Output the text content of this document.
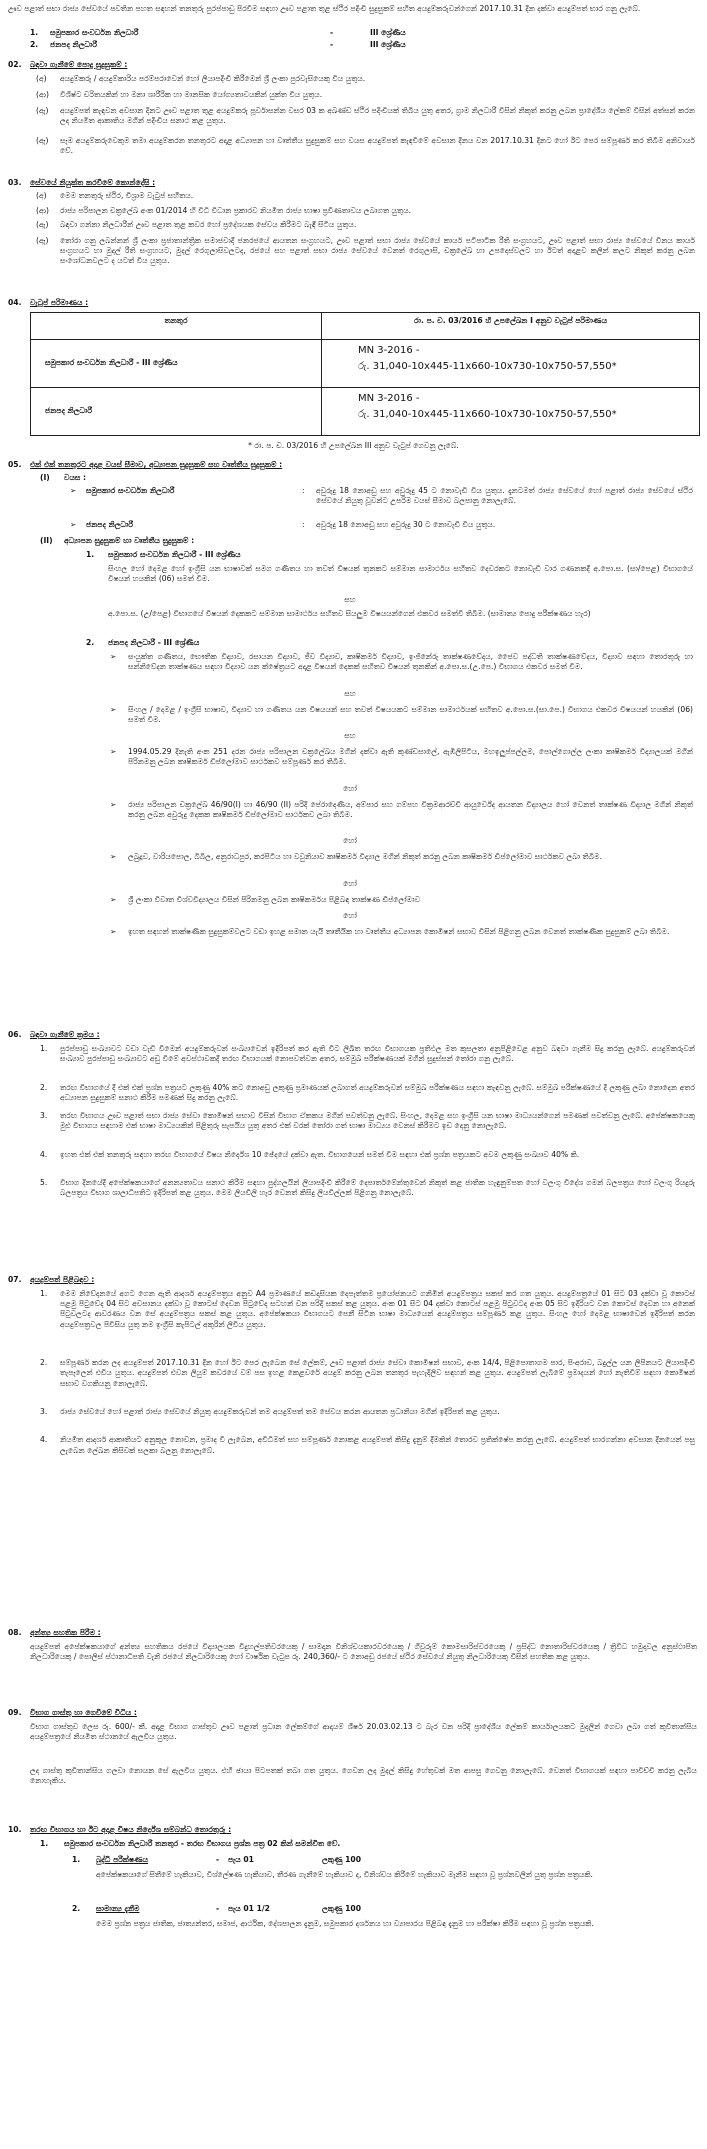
ඌව පළාත් සභා රාජ්‍ය සේවයේ පවතින පහත සඳහන් තනතුරු පුරප්පාඩු පිරවීම සඳහා ඌව පළාත තුළ ස්ථිර පදිංචි සුදුසුකම් සහිත අයදුම්කරුවන්ගෙන් 2017.10.31 දින දක්වා අයදුම්පත් භාර ගනු ලැබේ.
1. සමුපකාර සංවර්ධන නිලධාරී	-	III ශ්‍රේණිය
2. ජනපද නිලධාරී	-	III ශ්‍රේණිය
02. බඳවා ගැනීමේ පොදු සුදුසුකම් :
(අ) අයදුම්කරු / අයදුම්කාරිය පරම්පරාවෙන් හෝ ලියාපදිංචි කිරීමෙන් ශ්‍රී ලංකා පුරවැසියෙකු විය යුතුය.
(ආ) විශිෂ්ට චරිතයකින් හා මනා ශාරීරික හා මානසික යෝග්‍යතාවයකින් යුක්ත විය යුතුය.
(ඇ) අයදුම්පත් කැඳවන අවසාන දිනට ඌව පළාත තුළ අයදුම්කරු පූර්වාසන්න වසර 03 ක අඛණ්ඩ ස්ථිර පදිංචියක් තිබිය යුතු අතර, ග්‍රාම නිලධාරී විසින් නිකුත් කරනු ලබන ප්‍රාදේශීය ලේකම් විසින් අත්සන් කරන ලද නියමිත ආකෘතිය මගින් පදිංචිය සනාථ කළ යුතුය.
(ඈ) සෑම අයදුම්කරුවෙකුම තමා අයදුම්කරන තනතුරට අදාළ අධ්‍යාපන හා වෘත්තීය සුදුසුකම් සහ වයස අයදුම්පත් කැඳවීමේ අවසාන දිනය වන 2017.10.31 දිනට හෝ ඊට පෙර සම්පූර්ණ කර තිබීම අනිවාර්ය වේ.
03. සේවයේ නියුක්ත කරවීමේ කොන්දේසි :
(අ) මෙම තනතුරු ස්ථිර, විශ්‍රාම වැටුප් සහිතය.
(ආ) රාජ්‍ය පරිපාලන චක්‍රලේඛ අංක 01/2014 හි විධි විධාන ප්‍රකාරව නියමිත රාජ්‍ය භාෂා ප්‍රවීණතාවය ලබාගත යුතුය.
(ඇ) බඳවා ගන්නා නිලධාරීන් ඌව පළාත තුළ කවර හෝ ප්‍රදේශයක සේවය කිරීමට බැඳී සිටිය යුතුය.
(ඈ) තෝරා ගනු ලබන්නන් ශ්‍රී ලංකා ප්‍රජාතාන්ත්‍රික සමාජවාදී ජනරජයේ ආයතන සංග්‍රහයට, ඌව පළාත් සභා රාජ්‍ය සේවයේ කාර්ය පටිපාටික රීති සංග්‍රහයට, ඌව පළාත් සභා රාජ්‍ය සේවයේ විනය කාර්ය සංග්‍රහයට හා මුදල් රීති සංග්‍රහයට, මුදල් රෙගුලාසිවලටද, රජයේ සහ පළාත් සභා රාජ්‍ය සේවයේ වෙනත් රෙගුලාසි, චක්‍රලේඛ හා උපදෙස්වලට හා ඊටත් අදාළව කලින් කලට නිකුත් කරනු ලබන සංශෝධනවලට ද යටත් විය යුතුය.
04. වැටුප් පරිමාණය :
තනතුර	රා. ප. ච. 03/2016 හි උපලේඛන I අනුව වැටුප් පරිමාණය
සමුපකාර සංවර්ධන නිලධාරී - III ශ්‍රේණිය	MN 3-2016 -
රු. 31,040-10x445-11x660-10x730-10x750-57,550*

ජනපද නිලධාරී	MN 3-2016 -
රු. 31,040-10x445-11x660-10x730-10x750-57,550*
* රා. ප. ච. 03/2016 හි උපලේඛන III අනුව වැටුප් ගෙවනු ලැබේ.
05. එක් එක් තනතුරට අදාළ වයස් සීමාව, අධ්‍යාපන සුදුසුකම් සහ වෘත්තීය සුදුසුකම් :
(I) වයස :
➢ සමුපකාර සංවර්ධන නිලධාරී	: අවුරුදු 18 නොඅඩු සහ අවුරුදු 45 ට නොවැඩි විය යුතුය. දැනටමත් රාජ්‍ය සේවයේ හෝ පළාත් රාජ්‍ය සේවයේ ස්ථිර සේවයේ නියුතු වූවන්ට උපරිම වයස් සීමාව බලපානු නොලැබේ.
➢ ජනපද නිලධාරී	: අවුරුදු 18 නොඅඩු සහ අවුරුදු 30 ට නොවැඩි විය යුතුය.
(II) අධ්‍යාපන සුදුසුකම් හා වෘත්තීය සුදුසුකම් :
1. සමුපකාර සංවර්ධන නිලධාරී - III ශ්‍රේණිය
සිංහල හෝ දෙමළ හෝ ඉංග්‍රීසි යන භාෂාවක් සමග ගණිතය හා තවත් විෂයක් තුනකට සම්මාන සාමාර්ථය සහිතව දෙවරකට නොවැඩි වාර ගණනකදී අ.පො.ස. (සා/පෙළ) විභාගයේ විෂයන් හයකින් (06) සමත් වීම.
සහ
අ.පො.ස. (උ/පෙළ) විභාගයේ විෂයන් දෙකකට සම්මාන සාමාර්ථය සහිතව සියලුම විෂයයන්ගෙන් එකවර සමත්වී තිබීම. (සාමාන්‍ය පොදු පරීක්ෂණය හැර)
2. ජනපද නිලධාරී - III ශ්‍රේණිය
➢ සංයුක්ත ගණිතය, භෞතික විද්‍යාව, රසායන විද්‍යාව, ජීව විද්‍යාව, කෘෂිකර්ම විද්‍යාව, ඉංජිනේරු තාක්ෂණවේදය, ජෛව පද්ධති තාක්ෂණවේදය, විද්‍යාව සඳහා තොරතුරු හා සන්නිවේදන තාක්ෂණය සඳහා විද්‍යාව යන ක්ෂේත්‍රයට අදාළ විෂයන් දෙකක් සහිතව විෂයන් තුනකින් අ.පො.ස.(උ.පෙ.) විභාගය එකවර සමත් වීම.
සහ
➢ සිංහල / දෙමළ / ඉංග්‍රීසි භාෂාව, විද්‍යාව හා ගණිතය යන විෂයයන් සහ තවත් විෂයයකට සම්මාන සාමාර්ථයක් සහිතව අ.පො.ස.(සා.පෙ.) විභාගය එකවර විෂයයන් හයකින් (06) සමත් වීම.
සහ
➢ 1994.05.29 දිනැති අංක 251 දරන රාජ්‍ය පරිපාලන චක්‍රලේඛය මගින් දක්වා ඇති කුණ්ඩසාලේ, ඇඹිලිපිටිය, මහඉලුප්පල්ලම, පොල්ගොල්ල ලංකා කෘෂිකර්ම විද්‍යාලයක් මගින් පිරිනමනු ලබන කෘෂිකර්ම ඩිප්ලෝමාව සාර්ථකව සම්පූර්ණ කර තිබීම.
හෝ
➢ රාජ්‍ය පරිපාලන චක්‍රලේඛ 46/90(I) හා 46/90 (II) පරිදි පේරාදෙණිය, අම්පාර සහ ගම්පහ වික්‍රමආරච්චි ආයුර්වේද ආයතන විද්‍යාලය හෝ වෙනත් තාක්ෂණ විද්‍යාල මගින් නිකුත් කරනු ලබන අවුරුදු දෙකක කෘෂිකර්ම ඩිප්ලෝමාව සාර්ථකව ලබා තිබීම.
හෝ
➢ ලබුදූව, වාරියපොල, බිබිල, අනුරාධපුර, කරපිටිය හා වවුනියාව කෘෂිකර්ම විද්‍යාල මගින් නිකුත් කරනු ලබන කෘෂිකර්ම ඩිප්ලෝමාව සාර්ථකව ලබා තිබීම.
හෝ
➢ ශ්‍රී ලංකා විවෘත විශ්වවිද්‍යාලය විසින් පිරිනමනු ලබන කෘෂිකර්මය පිළිබඳ තාක්ෂණ ඩිප්ලෝමාව
හෝ
➢ ඉහත සඳහන් තාක්ෂණික සුදුසුකම්වලට වඩා ඉහළ සමාන යැයි තෘතීයික හා වෘත්තීය අධ්‍යාපන කොමිෂන් සභාව විසින් පිළිගනු ලබන වෙනත් තාක්ෂණික සුදුසුකම් ලබා තිබීම.
06. බඳවා ගැනීමේ ක්‍රමය :
1. පුරප්පාඩු සංඛ්‍යාවට වඩා වැඩි වීමෙන් අයදුම්කරුවන් සංඛ්‍යාවෙන් ඉදිරිපත් කර ඇති විට ලිඛිත තරඟ විභාගයක ප්‍රතිඵල මත කුසලතා අනුපිළිවෙළ අනුව බඳවා ගැනීම සිදු කරනු ලැබේ. අයදුම්කරුවන් සංඛ්‍යාව පුරප්පාඩු සංඛ්‍යාවට අඩු වීමේ අවස්ථාවකදී තරඟ විභාගයක් නොපවත්වන අතර, සම්මුඛ පරීක්ෂණයක් මගින් සුදුස්සන් තෝරා ගනු ලැබේ.
2. තරඟ විභාගයේ දී එක් එක් ප්‍රශ්න පත්‍රයට ලකුණු 40% කට නොඅඩු ලකුණු ප්‍රමාණයක් ලබාගත් අයදුම්කරුවන් සම්මුඛ පරීක්ෂණය සඳහා කැඳවනු ලැබේ. සම්මුඛ පරීක්ෂණයේ දී ලකුණු ලබා නොදෙන අතර අධ්‍යාපන සුදුසුකම් සනාථ කිරීම පමණක් සිදු කරනු ලැබේ.
3. තරඟ විභාගය ඌව පළාත් සභා රාජ්‍ය සේවා කොමිෂන් සභාව විසින් විභාග ඒකකය මගින් පවත්වනු ලැබේ. සිංහල, දෙමළ සහ ඉංග්‍රීසි යන භාෂා මාධ්‍යයන්ගෙන් පමණක් පවත්වනු ලැබේ. අපේක්ෂකයෙකු මුළු විභාගය සඳහාම එක් භාෂා මාධ්‍යයකින් පිළිතුරු සැපයිය යුතු අතර එක් වරක් තෝරා ගත් භාෂා මාධ්‍යය වෙනස් කිරීමට ඉඩ දෙනු නොලැබේ.
4. ඉහත එක් එක් තනතුරු සඳහා තරඟ විභාගයේ විෂය නිර්දේශ 10 ඡේදයේ දක්වා ඇත. විභාගයෙන් සමත් වීම සඳහා එක් ප්‍රශ්න පත්‍රයකට අවම ලකුණු සංඛ්‍යාව 40% කි.
5. විභාග දිනයේදී අපේක්ෂකයාගේ අනන්‍යතාවය සනාථ කිරීම සඳහා පුද්ගලයින් ලියාපදිංචි කිරීමේ දෙපාර්තමේන්තුවෙන් නිකුත් කළ ජාතික හැඳුනුම්පත හෝ වලංගු විදේශ ගමන් බලපත්‍රය හෝ වලංගු රියදුරු බලපත්‍රය විභාග ශාලාධිපතිට ඉදිරිපත් කළ යුතුය. මෙම ලියවිලි හැර වෙනත් කිසිදු ලියවිල්ලක් පිළිගනු නොලැබේ.
07. අයදුම්පත් පිළිබඳව :
1. මෙම නිවේදනයේ අගට ගෙන ඇති ආදර්ශ අයදුම්පත්‍රය අනුව A4 ප්‍රමාණයේ කඩදාසියක දෙපැත්තම ප්‍රයෝජනයට ගනිමින් අයදුම්පත්‍රය සකස් කර ගත යුතුය. අයදුම්පත්‍රයේ 01 සිට 03 දක්වා වූ කොටස් පළමු පිටුවේද 04 සිට අවසානය දක්වා වූ කොටස් දෙවන පිටුවේද සටහන් වන පරිදි සකස් කළ යුතුය. අංක 01 සිට 04 දක්වා කොටස් පළමු පිටුවටද අංක 05 සිට ඉදිරියට වන කොටස් දෙවන හා අනෙක් පිටුවලටද ආවරණය වන සේ අයදුම්පත්‍රය සකස් කළ යුතුය. අපේක්ෂකයා විභාගයට පෙනී සිටින භාෂා මාධ්‍යයෙන් අයදුම්පත්‍රය සම්පූර්ණ කළ යුතුය. සිංහල හෝ දෙමළ භාෂාවෙන් ඉදිරිපත් කරන අයදුම්පත්‍රවල පිවිසිය යුතු නම ඉංග්‍රීසි කැපිටල් අකුරින් ලිවිය යුතුය.
2. සම්පූර්ණ කරන ලද අයදුම්පත් 2017.10.31 දින හෝ ඊට පෙර ලැබෙන සේ ලේකම්, ඌව පළාත් රාජ්‍ය සේවා කොමිෂන් සභාව, අංක 14/4, පිළිපොතාගම පාර, පිංඅරාව, බදුල්ල යන ලිපිනයට ලියාපදිංචි තැපෑලෙන් එවිය යුතුය. අයදුම්පත් එවන ලියුම් කවරයේ වම් පස ඉහළ කෙළවරේ අයදුම් කරනු ලබන තනතුර පැහැදිලිව සඳහන් කළ යුතුය. අයදුම්පත් ලැබීමේ ප්‍රමාදයන් හෝ නැතිවීම් සඳහා කොමිෂන් සභාව වගකියනු නොලැබේ.
3. රාජ්‍ය සේවයේ හෝ පළාත් රාජ්‍ය සේවයේ නියුතු අයදුම්කරුවන් තම අයදුම්පත් තම සේවය කරන ආයතන ප්‍රධානියා මගින් ඉදිරිපත් කළ යුතුය.
4. නියමිත ආදර්ශ ආකෘතියට අනුකූල නොවන, ප්‍රමාද වී ලැබෙන, අවිධිමත් සහ සම්පූර්ණ නොකළ අයදුම්පත් කිසිදු දැනුම් දීමකින් තොරව ප්‍රතික්ෂේප කරනු ලැබේ. අයදුම්පත් භාරගන්නා අවසාන දිනයෙන් පසු ලැබෙන ලේඛන කිසිවක් සලකා බලනු නොලැබේ.
08. අන්ත්‍ය සහතික පිරීම :
අයදුම්පත් අපේක්ෂකයාගේ අන්ත්‍ය සහතිකය රජයේ විද්‍යාලයක විදුහල්පතිවරයෙකු / සාමදාන විනිශ්චයකාරවරයෙකු / ගිවුරුම් කොමසාරිස්වරයෙකු / ප්‍රසිද්ධ නොතාරිස්වරයෙකු / ත්‍රිවිධ හමුදාවල අනුස්ථාපිත නිලධාරියෙකු / පොලිස් ස්ථානාධිපති වැනි රජයේ නිලධාරියෙකු හෝ වාර්ෂික වැටුප රු. 240,360/- ට නොඅඩු රජයේ ස්ථිර සේවයේ නියුතු නිලධාරියෙකු විසින් සහතික කළ යුතුය.
09. විභාග ගාස්තු හා ගෙවීමේ විධිය :
විභාග ගාස්තුව ලෙස රු. 600/- කී. අදාළ විභාග ගාස්තුව ඌව පළාත් ප්‍රධාන ලේකම්ගේ ආදායම් ශීර්ෂ 20.03.02.13 ට බැර වන පරිදි ප්‍රාදේශීය ලේකම් කාර්යාලයකට මුදලින් ගෙවා ලබා ගත් කුවිතාන්සිය අයදුම්පත්‍රයේ නියමිත ස්ථානයේ ඇලවිය යුතුය.
ලද ගාස්තු කුවිතාන්සිය ගලවා නොයන සේ ඇලවිය යුතුය. එහි ඡායා පිටපතක් තබා ගත යුතුය. ගෙවන ලද මුදල් කිසිදු හේතුවක් මත ආපසු ගෙවනු නොලැබේ. වෙනත් විභාගයක් සඳහා පාවිච්චි කරනු ලැබිය නොහැකිය.
10. තරඟ විභාගය හා ඊට අදාළ විෂය නිර්දේශ සම්බන්ධ තොරතුරු :
1. සමුපකාර සංවර්ධන නිලධාරී තනතුර - තරඟ විභාගය ප්‍රශ්න පත්‍ර 02 කින් සමන්විත වේ.
1. බුද්ධි පරීක්ෂණය	- පැය 01	ලකුණු 100
අපේක්ෂකයාගේ සිතීමේ හැකියාව, විශ්ලේෂණ හැකියාව, තීරණ ගැනීමේ හැකියාව ද, විනිශ්චය කිරීමේ හැකියාව මැනීම සඳහා වූ ප්‍රශ්නවලින් යුතු ප්‍රශ්න පත්‍රයකි.
2. සාමාන්‍ය දැනීම	- පැය 01 1/2	ලකුණු 100
මෙම ප්‍රශ්න පත්‍රය ජාතික, ජාත්‍යන්තර, සමාජ, ආර්ථික, දේශපාලන දැනුම, සමුපකාර දර්ශනය හා ව්‍යාපාරය පිළිබඳ දැනුම හා පරීක්ෂා කිරීම සඳහා වූ ප්‍රශ්න පත්‍රයකි.
